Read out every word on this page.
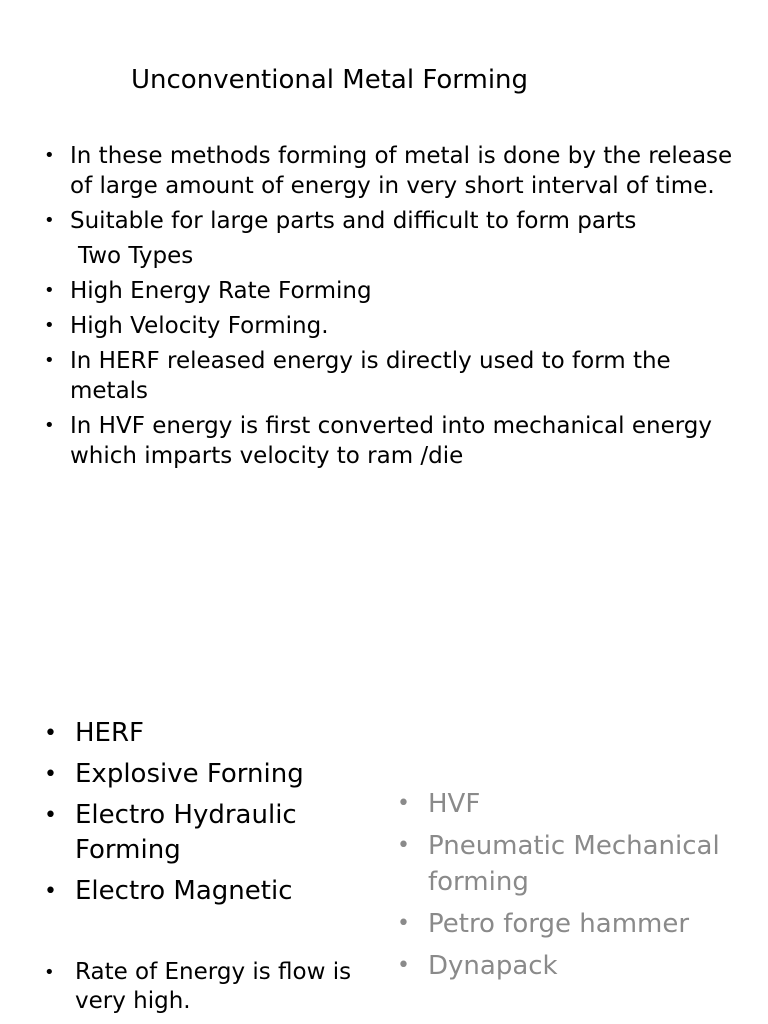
Unconventional Metal Forming
• In these methods forming of metal is done by the release of large amount of energy in very short interval of time.
• Suitable for large parts and difficult to form parts
Two Types
• High Energy Rate Forming
• High Velocity Forming.
• In HERF released energy is directly used to form the metals
• In HVF energy is first converted into mechanical energy which imparts velocity to ram /die
• HERF
• Explosive Forning
• Electro Hydraulic Forming
• Electro Magnetic
• Rate of Energy is flow is very high.
• HVF
• Pneumatic Mechanical forming
• Petro forge hammer
• Dynapack
